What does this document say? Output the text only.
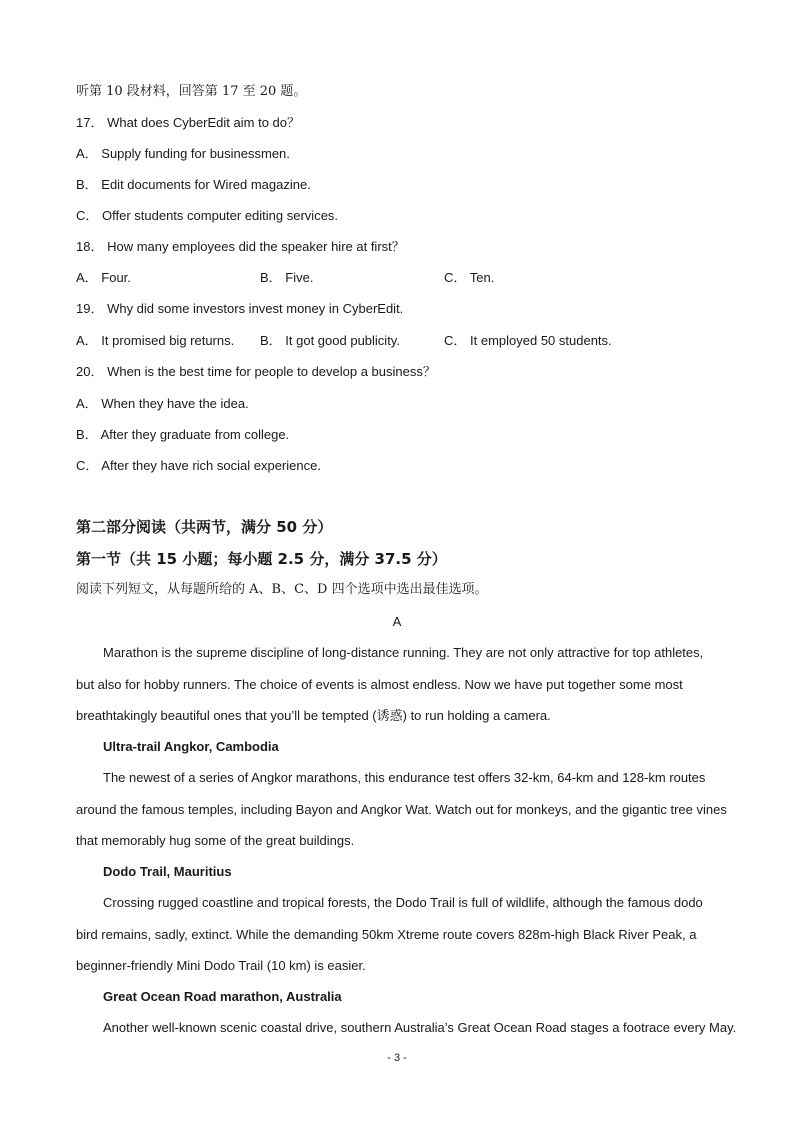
听第 10 段材料，回答第 17 至 20 题。
17． What does CyberEdit aim to do？
A． Supply funding for businessmen.
B． Edit documents for Wired magazine.
C． Offer students computer editing services.
18． How many employees did the speaker hire at first？
A． Four.	B． Five.	C． Ten.
19． Why did some investors invest money in CyberEdit.
A． It promised big returns. B． It got good publicity.	C． It employed 50 students.
20． When is the best time for people to develop a business？
A． When they have the idea.
B． After they graduate from college.
C． After they have rich social experience.
第二部分阅读（共两节，满分 50 分）
第一节（共 15 小题；每小题 2.5 分，满分 37.5 分）
阅读下列短文，从每题所给的 A、B、C、D 四个选项中选出最佳选项。
A
Marathon is the supreme discipline of long-distance running. They are not only attractive for top athletes,
but also for hobby runners. The choice of events is almost endless. Now we have put together some most
breathtakingly beautiful ones that you’ll be tempted (诱惑) to run holding a camera.
Ultra-trail Angkor, Cambodia
The newest of a series of Angkor marathons, this endurance test offers 32-km, 64-km and 128-km routes
around the famous temples, including Bayon and Angkor Wat. Watch out for monkeys, and the gigantic tree vines
that memorably hug some of the great buildings.
Dodo Trail, Mauritius
Crossing rugged coastline and tropical forests, the Dodo Trail is full of wildlife, although the famous dodo
bird remains, sadly, extinct. While the demanding 50km Xtreme route covers 828m-high Black River Peak, a
beginner-friendly Mini Dodo Trail (10 km) is easier.
Great Ocean Road marathon, Australia
Another well-known scenic coastal drive, southern Australia’s Great Ocean Road stages a footrace every May.
- 3 -
